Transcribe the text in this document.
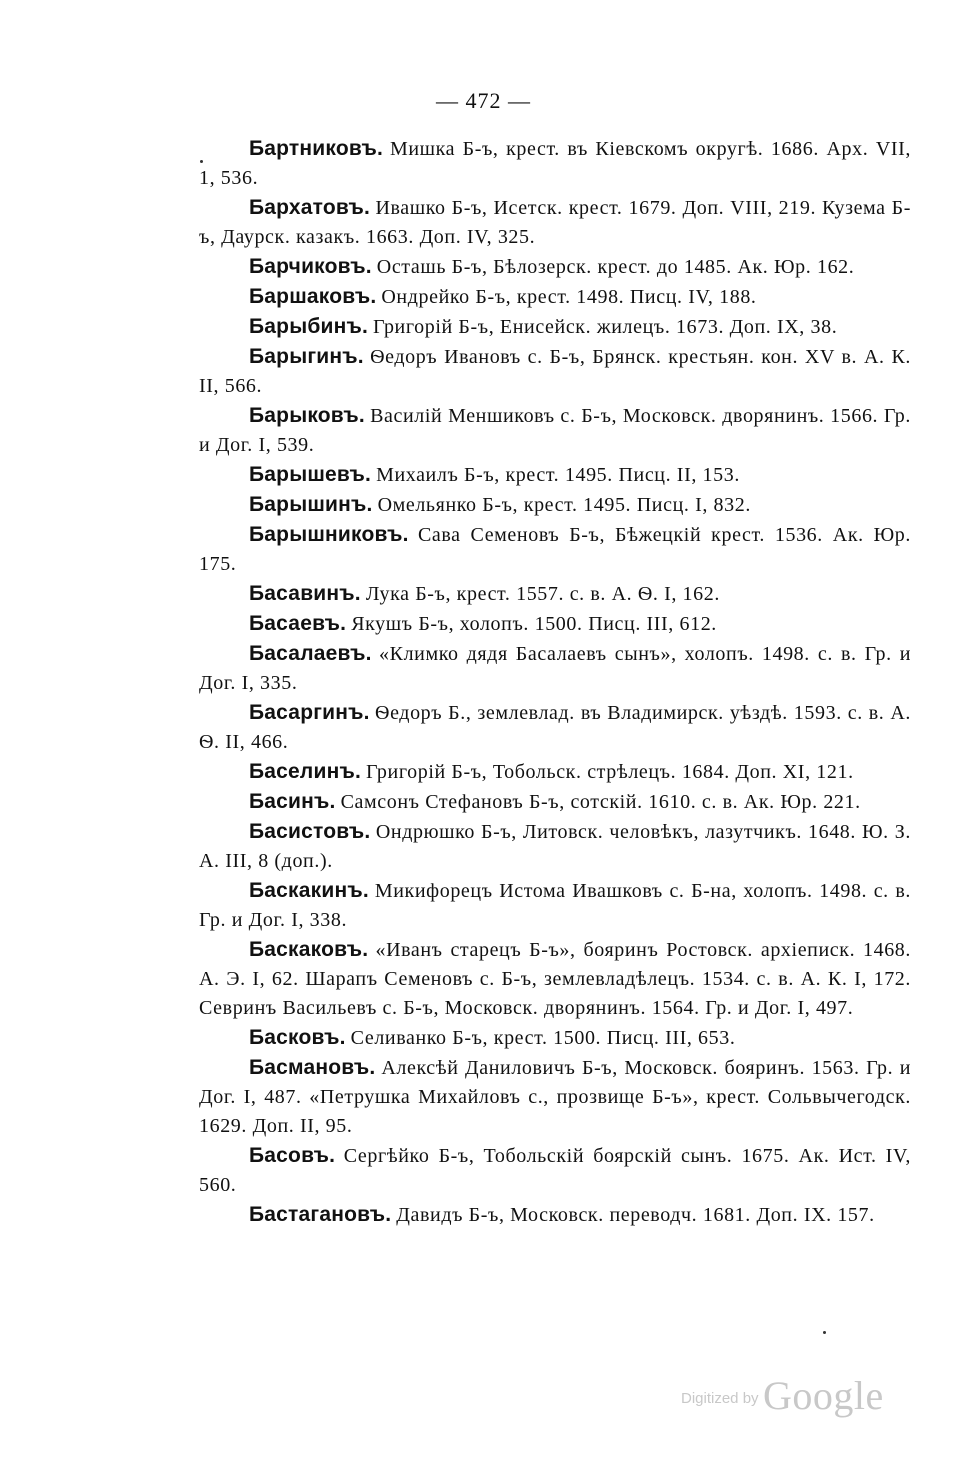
— 472 —

Бартниковъ. Мишка Б-ъ, крест. въ Кіевскомъ округѣ. 1686. Арх. VII, 1, 536.

Бархатовъ. Ивашко Б-ъ, Исетск. крест. 1679. Доп. VIII, 219. Кузема Б-ъ, Даурск. казакъ. 1663. Доп. IV, 325.

Барчиковъ. Осташь Б-ъ, Бѣлозерск. крест. до 1485. Ак. Юр. 162.

Баршаковъ. Ондрейко Б-ъ, крест. 1498. Писц. IV, 188.

Барыбинъ. Григорій Б-ъ, Енисейск. жилецъ. 1673. Доп. IX, 38.

Барыгинъ. Ѳедоръ Ивановъ с. Б-ъ, Брянск. крестьян. кон. XV в. А. К. II, 566.

Барыковъ. Василій Меншиковъ с. Б-ъ, Московск. дворянинъ. 1566. Гр. и Дог. I, 539.

Барышевъ. Михаилъ Б-ъ, крест. 1495. Писц. II, 153.

Барышинъ. Омельянко Б-ъ, крест. 1495. Писц. I, 832.

Барышниковъ. Сава Семеновъ Б-ъ, Бѣжецкій крест. 1536. Ак. Юр. 175.

Басавинъ. Лука Б-ъ, крест. 1557. с. в. А. Ѳ. I, 162.

Басаевъ. Якушъ Б-ъ, холопъ. 1500. Писц. III, 612.

Басалаевъ. «Климко дядя Басалаевъ сынъ», холопъ. 1498. с. в. Гр. и Дог. I, 335.

Басаргинъ. Ѳедоръ Б., землевлад. въ Владимирск. уѣздѣ. 1593. с. в. А. Ѳ. II, 466.

Баселинъ. Григорій Б-ъ, Тобольск. стрѣлецъ. 1684. Доп. XI, 121.

Басинъ. Самсонъ Стефановъ Б-ъ, сотскій. 1610. с. в. Ак. Юр. 221.

Басистовъ. Ондрюшко Б-ъ, Литовск. человѣкъ, лазутчикъ. 1648. Ю. З. А. III, 8 (доп.).

Баскакинъ. Микифорецъ Истома Ивашковъ с. Б-на, холопъ. 1498. с. в. Гр. и Дог. I, 338.

Баскаковъ. «Иванъ старецъ Б-ъ», бояринъ Ростовск. архіеписк. 1468. А. Э. I, 62. Шарапъ Семеновъ с. Б-ъ, землевладѣлецъ. 1534. с. в. А. К. I, 172. Севринъ Васильевъ с. Б-ъ, Московск. дворянинъ. 1564. Гр. и Дог. I, 497.

Басковъ. Селиванко Б-ъ, крест. 1500. Писц. III, 653.

Басмановъ. Алексѣй Даниловичъ Б-ъ, Московск. бояринъ. 1563. Гр. и Дог. I, 487. «Петрушка Михайловъ с., прозвище Б-ъ», крест. Сольвычегодск. 1629. Доп. II, 95.

Басовъ. Сергѣйко Б-ъ, Тобольскій боярскій сынъ. 1675. Ак. Ист. IV, 560.

Бастагановъ. Давидъ Б-ъ, Московск. переводч. 1681. Доп. IX. 157.

Digitized by Google
